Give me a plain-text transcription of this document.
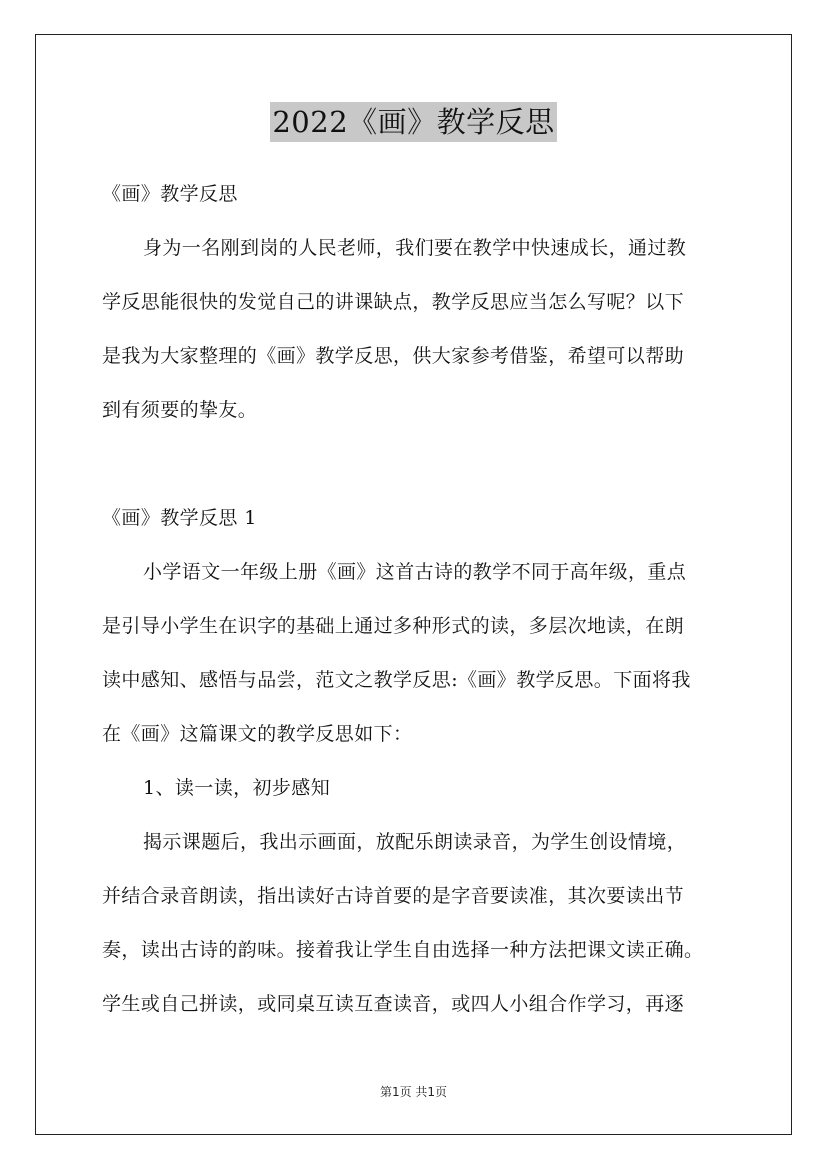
2022《画》教学反思
《画》教学反思
身为一名刚到岗的人民老师，我们要在教学中快速成长，通过教
学反思能很快的发觉自己的讲课缺点，教学反思应当怎么写呢？以下
是我为大家整理的《画》教学反思，供大家参考借鉴，希望可以帮助
到有须要的挚友。
《画》教学反思 1
小学语文一年级上册《画》这首古诗的教学不同于高年级，重点
是引导小学生在识字的基础上通过多种形式的读，多层次地读，在朗
读中感知、感悟与品尝，范文之教学反思:《画》教学反思。下面将我
在《画》这篇课文的教学反思如下：
1、读一读，初步感知
揭示课题后，我出示画面，放配乐朗读录音，为学生创设情境，
并结合录音朗读，指出读好古诗首要的是字音要读准，其次要读出节
奏，读出古诗的韵味。接着我让学生自由选择一种方法把课文读正确。
学生或自己拼读，或同桌互读互查读音，或四人小组合作学习，再逐
第1页 共1页
